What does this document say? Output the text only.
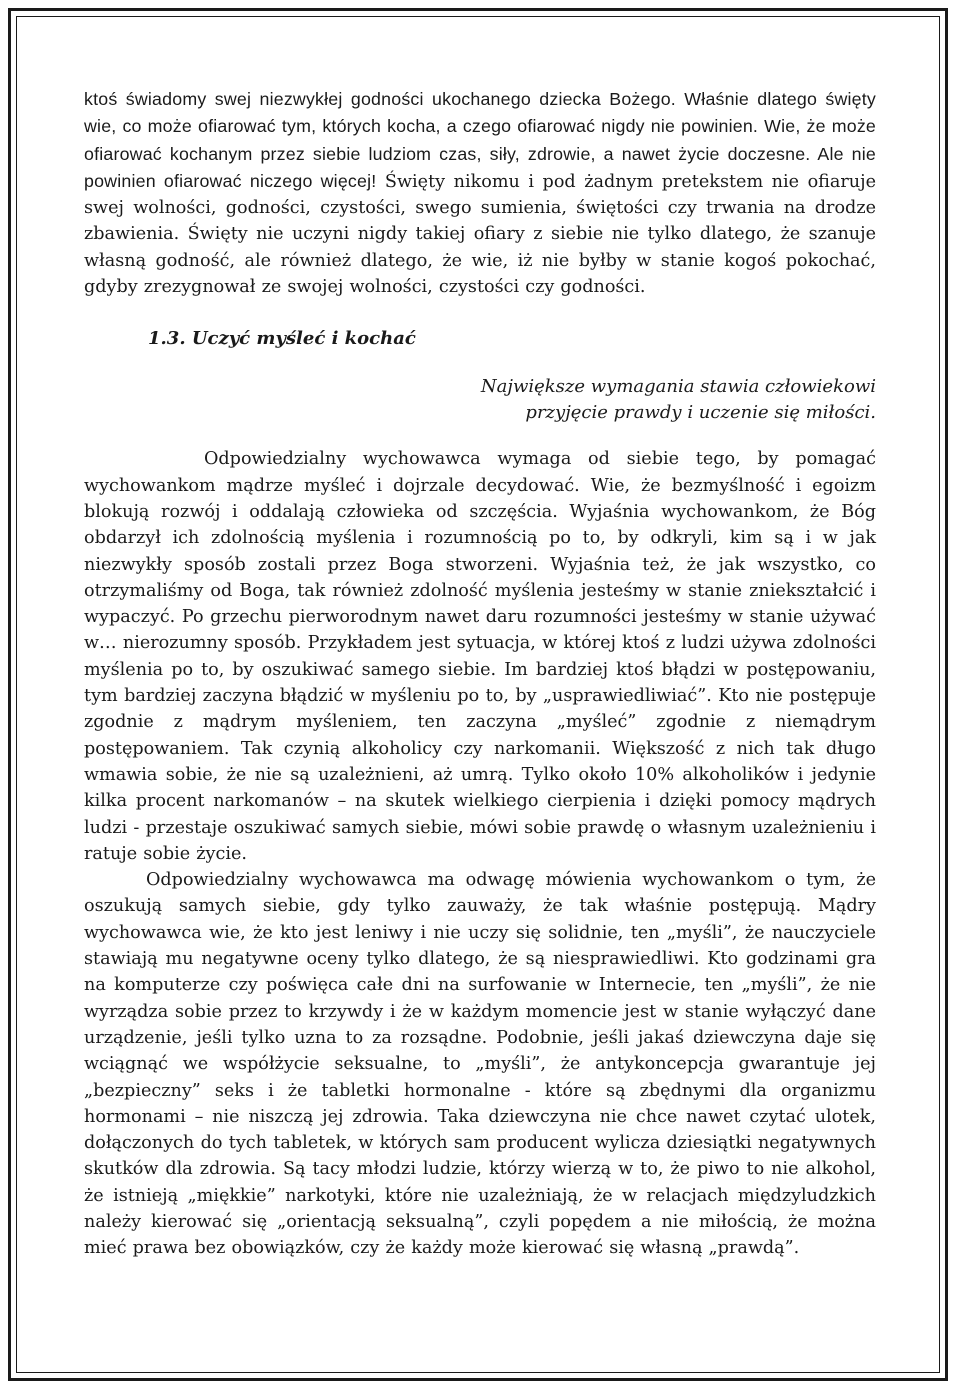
ktoś świadomy swej niezwykłej godności ukochanego dziecka Bożego. Właśnie dlatego święty wie, co może ofiarować tym, których kocha, a czego ofiarować nigdy nie powinien. Wie, że może ofiarować kochanym przez siebie ludziom czas, siły, zdrowie, a nawet życie doczesne. Ale nie powinien ofiarować niczego więcej! Święty nikomu i pod żadnym pretekstem nie ofiaruje swej wolności, godności, czystości, swego sumienia, świętości czy trwania na drodze zbawienia. Święty nie uczyni nigdy takiej ofiary z siebie nie tylko dlatego, że szanuje własną godność, ale również dlatego, że wie, iż nie byłby w stanie kogoś pokochać, gdyby zrezygnował ze swojej wolności, czystości czy godności.

1.3. Uczyć myśleć i kochać
Największe wymagania stawia człowiekowi
przyjęcie prawdy i uczenie się miłości.

Odpowiedzialny wychowawca wymaga od siebie tego, by pomagać wychowankom mądrze myśleć i dojrzale decydować. Wie, że bezmyślność i egoizm blokują rozwój i oddalają człowieka od szczęścia. Wyjaśnia wychowankom, że Bóg obdarzył ich zdolnością myślenia i rozumnością po to, by odkryli, kim są i w jak niezwykły sposób zostali przez Boga stworzeni. Wyjaśnia też, że jak wszystko, co otrzymaliśmy od Boga, tak również zdolność myślenia jesteśmy w stanie zniekształcić i wypaczyć. Po grzechu pierworodnym nawet daru rozumności jesteśmy w stanie używać w… nierozumny sposób. Przykładem jest sytuacja, w której ktoś z ludzi używa zdolności myślenia po to, by oszukiwać samego siebie. Im bardziej ktoś błądzi w postępowaniu, tym bardziej zaczyna błądzić w myśleniu po to, by „usprawiedliwiać”. Kto nie postępuje zgodnie z mądrym myśleniem, ten zaczyna „myśleć” zgodnie z niemądrym postępowaniem. Tak czynią alkoholicy czy narkomanii. Większość z nich tak długo wmawia sobie, że nie są uzależnieni, aż umrą. Tylko około 10% alkoholików i jedynie kilka procent narkomanów – na skutek wielkiego cierpienia i dzięki pomocy mądrych ludzi - przestaje oszukiwać samych siebie, mówi sobie prawdę o własnym uzależnieniu i ratuje sobie życie.

Odpowiedzialny wychowawca ma odwagę mówienia wychowankom o tym, że oszukują samych siebie, gdy tylko zauważy, że tak właśnie postępują. Mądry wychowawca wie, że kto jest leniwy i nie uczy się solidnie, ten „myśli”, że nauczyciele stawiają mu negatywne oceny tylko dlatego, że są niesprawiedliwi. Kto godzinami gra na komputerze czy poświęca całe dni na surfowanie w Internecie, ten „myśli”, że nie wyrządza sobie przez to krzywdy i że w każdym momencie jest w stanie wyłączyć dane urządzenie, jeśli tylko uzna to za rozsądne. Podobnie, jeśli jakaś dziewczyna daje się wciągnąć we współżycie seksualne, to „myśli”, że antykoncepcja gwarantuje jej „bezpieczny” seks i że tabletki hormonalne - które są zbędnymi dla organizmu hormonami – nie niszczą jej zdrowia. Taka dziewczyna nie chce nawet czytać ulotek, dołączonych do tych tabletek, w których sam producent wylicza dziesiątki negatywnych skutków dla zdrowia. Są tacy młodzi ludzie, którzy wierzą w to, że piwo to nie alkohol, że istnieją „miękkie” narkotyki, które nie uzależniają, że w relacjach międzyludzkich należy kierować się „orientacją seksualną”, czyli popędem a nie miłością, że można mieć prawa bez obowiązków, czy że każdy może kierować się własną „prawdą”.
